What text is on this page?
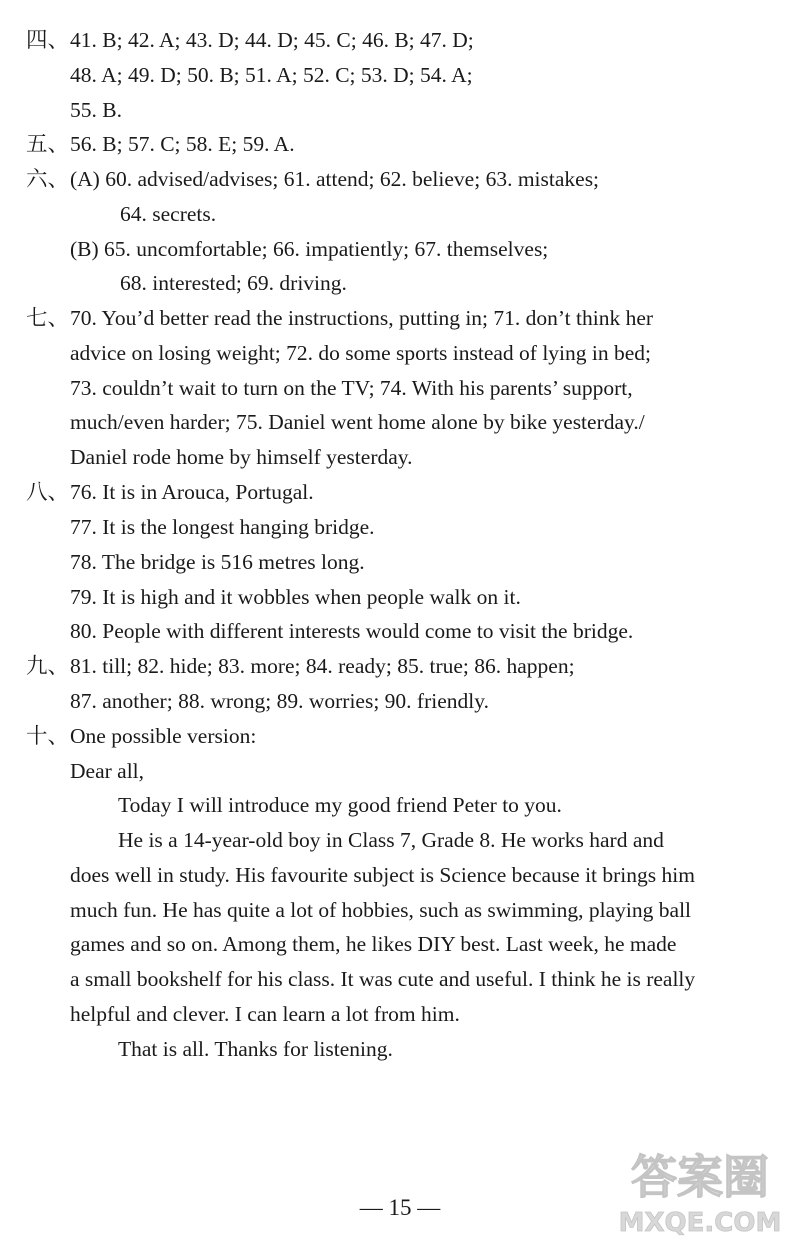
四、
五、
六、
七、
八、
九、
十、
41. B; 42. A; 43. D; 44. D; 45. C; 46. B; 47. D;
48. A; 49. D; 50. B; 51. A; 52. C; 53. D; 54. A;
55. B.
56. B; 57. C; 58. E; 59. A.
(A) 60. advised/advises; 61. attend; 62. believe; 63. mistakes;
64. secrets.
(B) 65. uncomfortable; 66. impatiently; 67. themselves;
68. interested; 69. driving.
70. You’d better read the instructions, putting in; 71. don’t think her
advice on losing weight; 72. do some sports instead of lying in bed;
73. couldn’t wait to turn on the TV; 74. With his parents’ support,
much/even harder; 75. Daniel went home alone by bike yesterday./
Daniel rode home by himself yesterday.
76. It is in Arouca, Portugal.
77. It is the longest hanging bridge.
78. The bridge is 516 metres long.
79. It is high and it wobbles when people walk on it.
80. People with different interests would come to visit the bridge.
81. till; 82. hide; 83. more; 84. ready; 85. true; 86. happen;
87. another; 88. wrong; 89. worries; 90. friendly.
One possible version:
Dear all,
Today I will introduce my good friend Peter to you.
He is a 14-year-old boy in Class 7, Grade 8. He works hard and
does well in study. His favourite subject is Science because it brings him
much fun. He has quite a lot of hobbies, such as swimming, playing ball
games and so on. Among them, he likes DIY best. Last week, he made
a small bookshelf for his class. It was cute and useful. I think he is really
helpful and clever. I can learn a lot from him.
That is all. Thanks for listening.
— 15 —
答案圈
MXQE.COM
